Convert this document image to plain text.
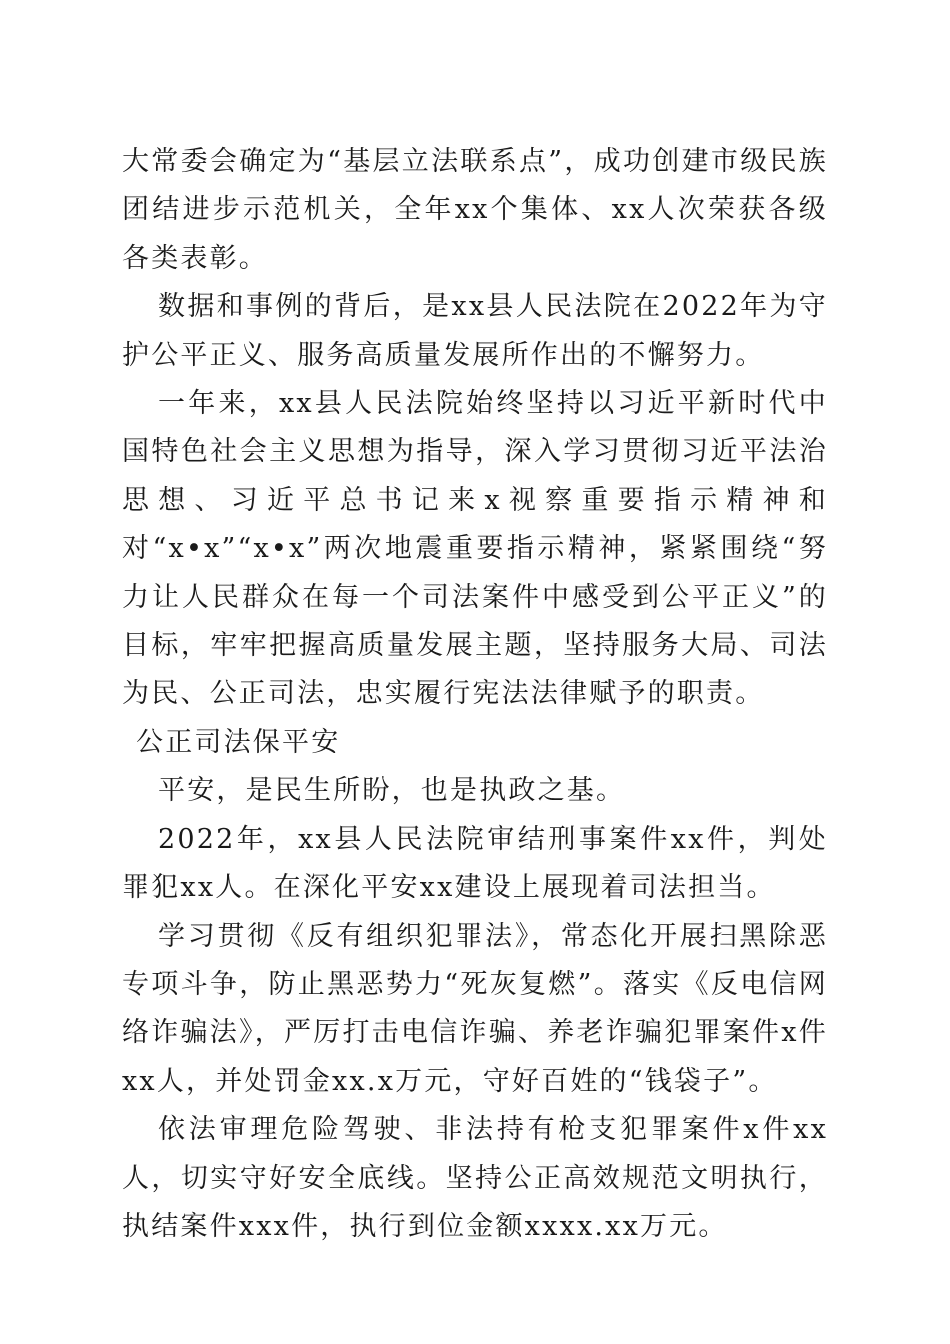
大常委会确定为“基层立法联系点”，成功创建市级民族团结进步示范机关，全年xx个集体、xx人次荣获各级各类表彰。

数据和事例的背后，是xx县人民法院在2022年为守护公平正义、服务高质量发展所作出的不懈努力。

一年来，xx县人民法院始终坚持以习近平新时代中国特色社会主义思想为指导，深入学习贯彻习近平法治思想、习近平总书记来x视察重要指示精神和对“x•x”“x•x”两次地震重要指示精神，紧紧围绕“努力让人民群众在每一个司法案件中感受到公平正义”的目标，牢牢把握高质量发展主题，坚持服务大局、司法为民、公正司法，忠实履行宪法法律赋予的职责。

公正司法保平安

平安，是民生所盼，也是执政之基。

2022年，xx县人民法院审结刑事案件xx件，判处罪犯xx人。在深化平安xx建设上展现着司法担当。

学习贯彻《反有组织犯罪法》，常态化开展扫黑除恶专项斗争，防止黑恶势力“死灰复燃”。落实《反电信网络诈骗法》，严厉打击电信诈骗、养老诈骗犯罪案件x件xx人，并处罚金xx.x万元，守好百姓的“钱袋子”。

依法审理危险驾驶、非法持有枪支犯罪案件x件xx人，切实守好安全底线。坚持公正高效规范文明执行，执结案件xxx件，执行到位金额xxxx.xx万元。
